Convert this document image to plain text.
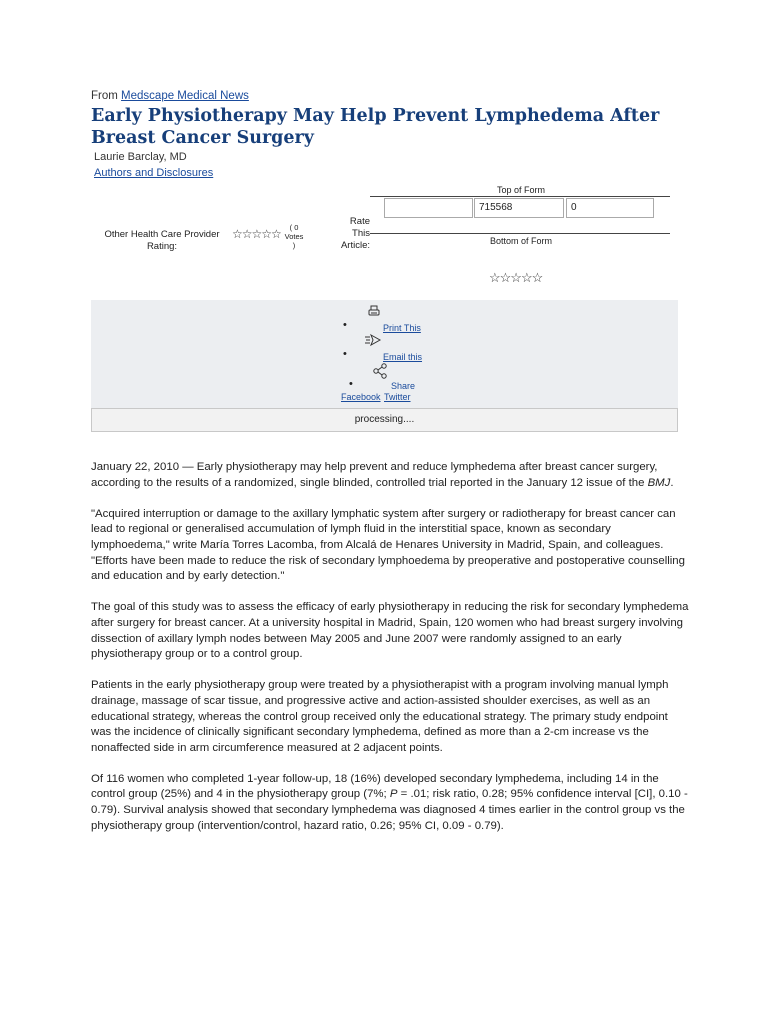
From Medscape Medical News
Early Physiotherapy May Help Prevent Lymphedema After Breast Cancer Surgery
Laurie Barclay, MD
Authors and Disclosures
Top of Form
715568	0
Rate This Article:	Bottom of Form
Other Health Care Provider Rating:
☆☆☆☆☆	( 0 Votes )
☆☆☆☆☆
•	Print This
•	Email this
•	Share
Facebook Twitter
processing....

January 22, 2010 — Early physiotherapy may help prevent and reduce lymphedema after breast cancer surgery, according to the results of a randomized, single blinded, controlled trial reported in the January 12 issue of the BMJ.

"Acquired interruption or damage to the axillary lymphatic system after surgery or radiotherapy for breast cancer can lead to regional or generalised accumulation of lymph fluid in the interstitial space, known as secondary lymphoedema," write María Torres Lacomba, from Alcalá de Henares University in Madrid, Spain, and colleagues. "Efforts have been made to reduce the risk of secondary lymphoedema by preoperative and postoperative counselling and education and by early detection."

The goal of this study was to assess the efficacy of early physiotherapy in reducing the risk for secondary lymphedema after surgery for breast cancer. At a university hospital in Madrid, Spain, 120 women who had breast surgery involving dissection of axillary lymph nodes between May 2005 and June 2007 were randomly assigned to an early physiotherapy group or to a control group.

Patients in the early physiotherapy group were treated by a physiotherapist with a program involving manual lymph drainage, massage of scar tissue, and progressive active and action-assisted shoulder exercises, as well as an educational strategy, whereas the control group received only the educational strategy. The primary study endpoint was the incidence of clinically significant secondary lymphedema, defined as more than a 2-cm increase vs the nonaffected side in arm circumference measured at 2 adjacent points.

Of 116 women who completed 1-year follow-up, 18 (16%) developed secondary lymphedema, including 14 in the control group (25%) and 4 in the physiotherapy group (7%; P = .01; risk ratio, 0.28; 95% confidence interval [CI], 0.10 - 0.79). Survival analysis showed that secondary lymphedema was diagnosed 4 times earlier in the control group vs the physiotherapy group (intervention/control, hazard ratio, 0.26; 95% CI, 0.09 - 0.79).
